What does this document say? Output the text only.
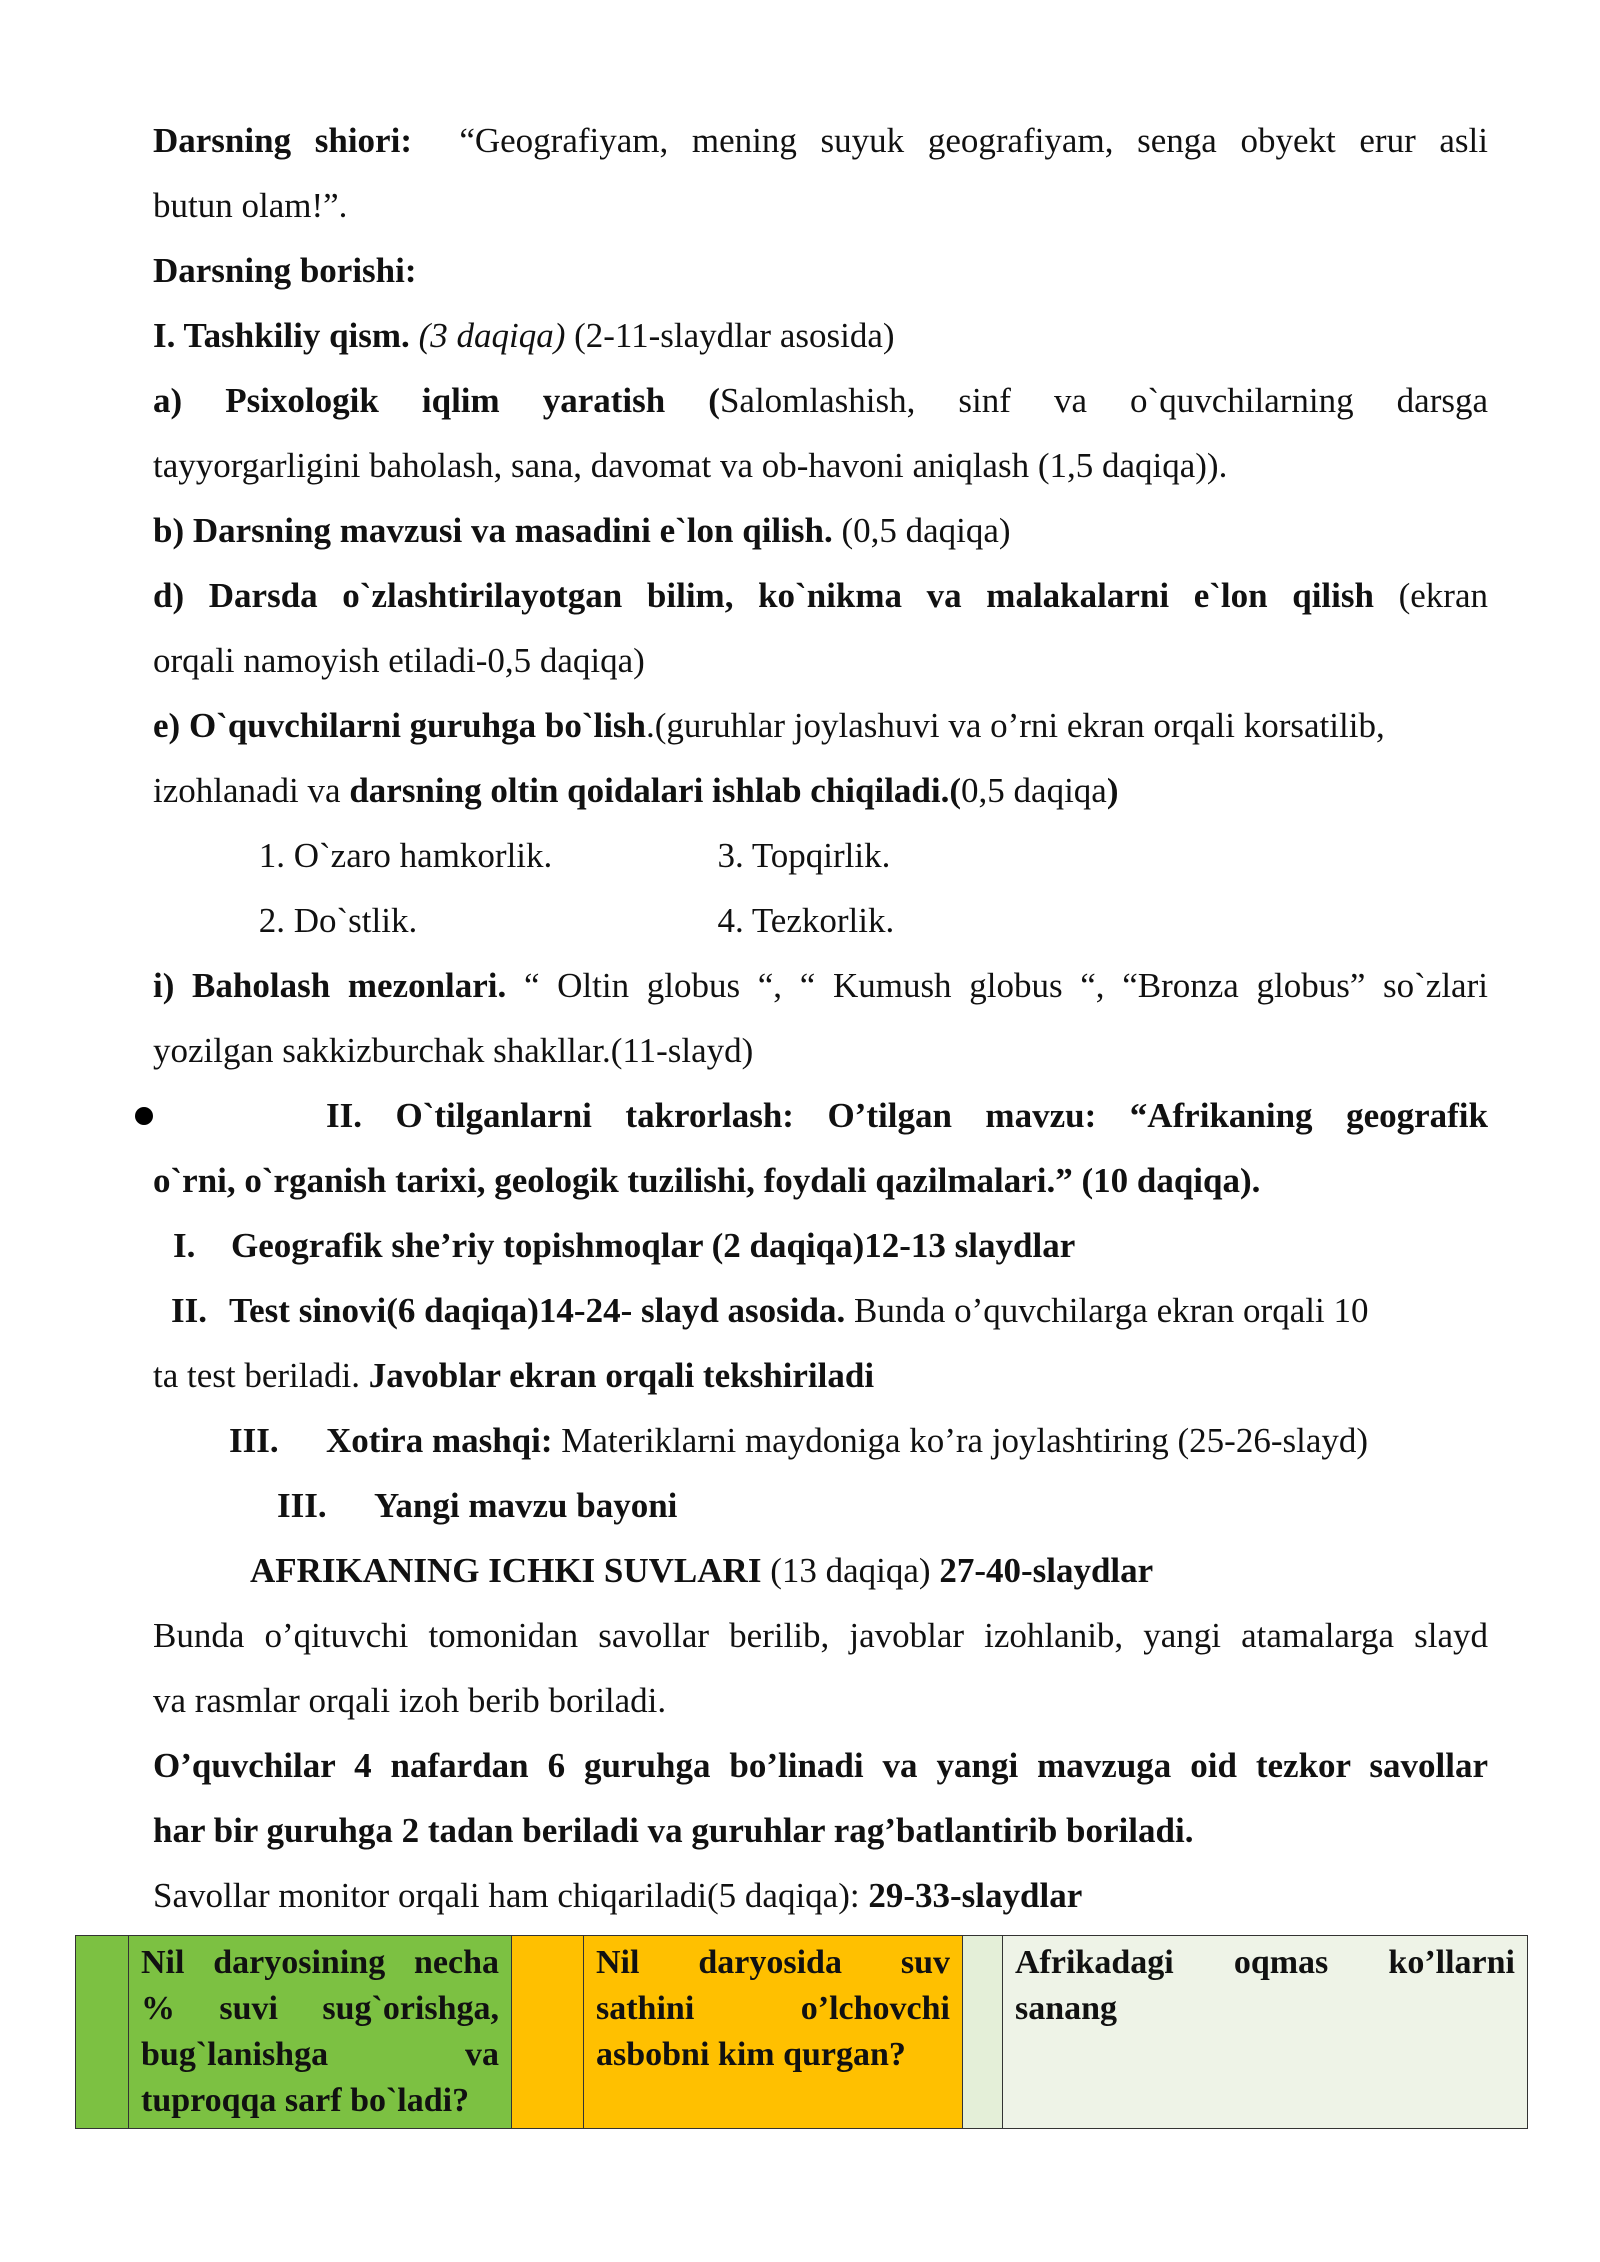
Darsning shiori: “Geografiyam, mening suyuk geografiyam, senga obyekt erur asli
butun olam!”.
Darsning borishi:
I. Tashkiliy qism. (3 daqiqa) (2-11-slaydlar asosida)
a) Psixologik iqlim yaratish (Salomlashish, sinf va o`quvchilarning darsga
tayyorgarligini baholash, sana, davomat va ob-havoni aniqlash (1,5 daqiqa)).
b) Darsning mavzusi va masadini e`lon qilish. (0,5 daqiqa)
d) Darsda o`zlashtirilayotgan bilim, ko`nikma va malakalarni e`lon qilish (ekran
orqali namoyish etiladi-0,5 daqiqa)
e) O`quvchilarni guruhga bo`lish.(guruhlar joylashuvi va o’rni ekran orqali korsatilib,
izohlanadi va darsning oltin qoidalari ishlab chiqiladi.(0,5 daqiqa)
1. O`zaro hamkorlik.	3. Topqirlik.
2. Do`stlik.	4. Tezkorlik.
i) Baholash mezonlari. “ Oltin globus “, “ Kumush globus “, “Bronza globus” so`zlari
yozilgan sakkizburchak shakllar.(11-slayd)
II. O`tilganlarni takrorlash: O’tilgan mavzu: “Afrikaning geografik
o`rni, o`rganish tarixi, geologik tuzilishi, foydali qazilmalari.” (10 daqiqa).
I. Geografik she’riy topishmoqlar (2 daqiqa)12-13 slaydlar
II. Test sinovi(6 daqiqa)14-24- slayd asosida. Bunda o’quvchilarga ekran orqali 10
ta test beriladi. Javoblar ekran orqali tekshiriladi
III. Xotira mashqi: Materiklarni maydoniga ko’ra joylashtiring (25-26-slayd)
III. Yangi mavzu bayoni
AFRIKANING ICHKI SUVLARI (13 daqiqa) 27-40-slaydlar
Bunda o’qituvchi tomonidan savollar berilib, javoblar izohlanib, yangi atamalarga slayd
va rasmlar orqali izoh berib boriladi.
O’quvchilar 4 nafardan 6 guruhga bo’linadi va yangi mavzuga oid tezkor savollar
har bir guruhga 2 tadan beriladi va guruhlar rag’batlantirib boriladi.
Savollar monitor orqali ham chiqariladi(5 daqiqa): 29-33-slaydlar
	Nil daryosining necha % suvi sug`orishga, bug`lanishga va tuproqqa sarf bo`ladi?		Nil daryosida suv sathini o’lchovchi asbobni kim qurgan?		Afrikadagi oqmas ko’llarni sanang
